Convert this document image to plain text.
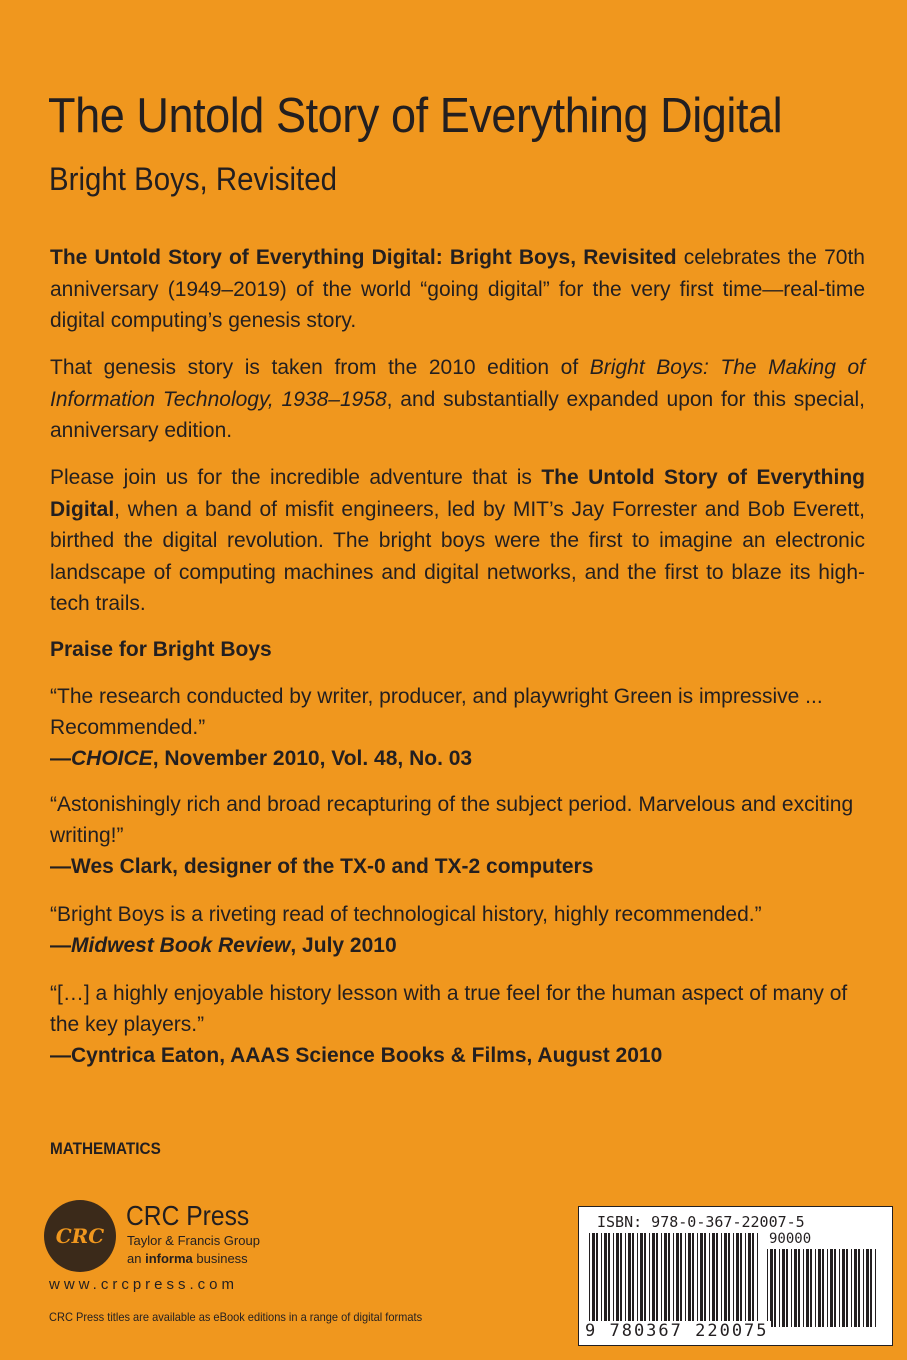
The Untold Story of Everything Digital
Bright Boys, Revisited
The Untold Story of Everything Digital: Bright Boys, Revisited celebrates the 70th anniversary (1949–2019) of the world “going digital” for the very first time—real-time digital computing’s genesis story.
That genesis story is taken from the 2010 edition of Bright Boys: The Making of Information Technology, 1938–1958, and substantially expanded upon for this special, anniversary edition.
Please join us for the incredible adventure that is The Untold Story of Everything Digital, when a band of misfit engineers, led by MIT’s Jay Forrester and Bob Everett, birthed the digital revolution. The bright boys were the first to imagine an electronic landscape of computing machines and digital networks, and the first to blaze its high-tech trails.
Praise for Bright Boys
“The research conducted by writer, producer, and playwright Green is impressive ... Recommended.”
—CHOICE, November 2010, Vol. 48, No. 03
“Astonishingly rich and broad recapturing of the subject period. Marvelous and exciting writing!”
—Wes Clark, designer of the TX-0 and TX-2 computers
“Bright Boys is a riveting read of technological history, highly recommended.”
—Midwest Book Review, July 2010
“[…] a highly enjoyable history lesson with a true feel for the human aspect of many of the key players.”
—Cyntrica Eaton, AAAS Science Books & Films, August 2010
MATHEMATICS
CRC
CRC Press
Taylor & Francis Group
an informa business
www.crcpress.com
CRC Press titles are available as eBook editions in a range of digital formats
ISBN: 978-0-367-22007-5
90000
9 780367 220075
